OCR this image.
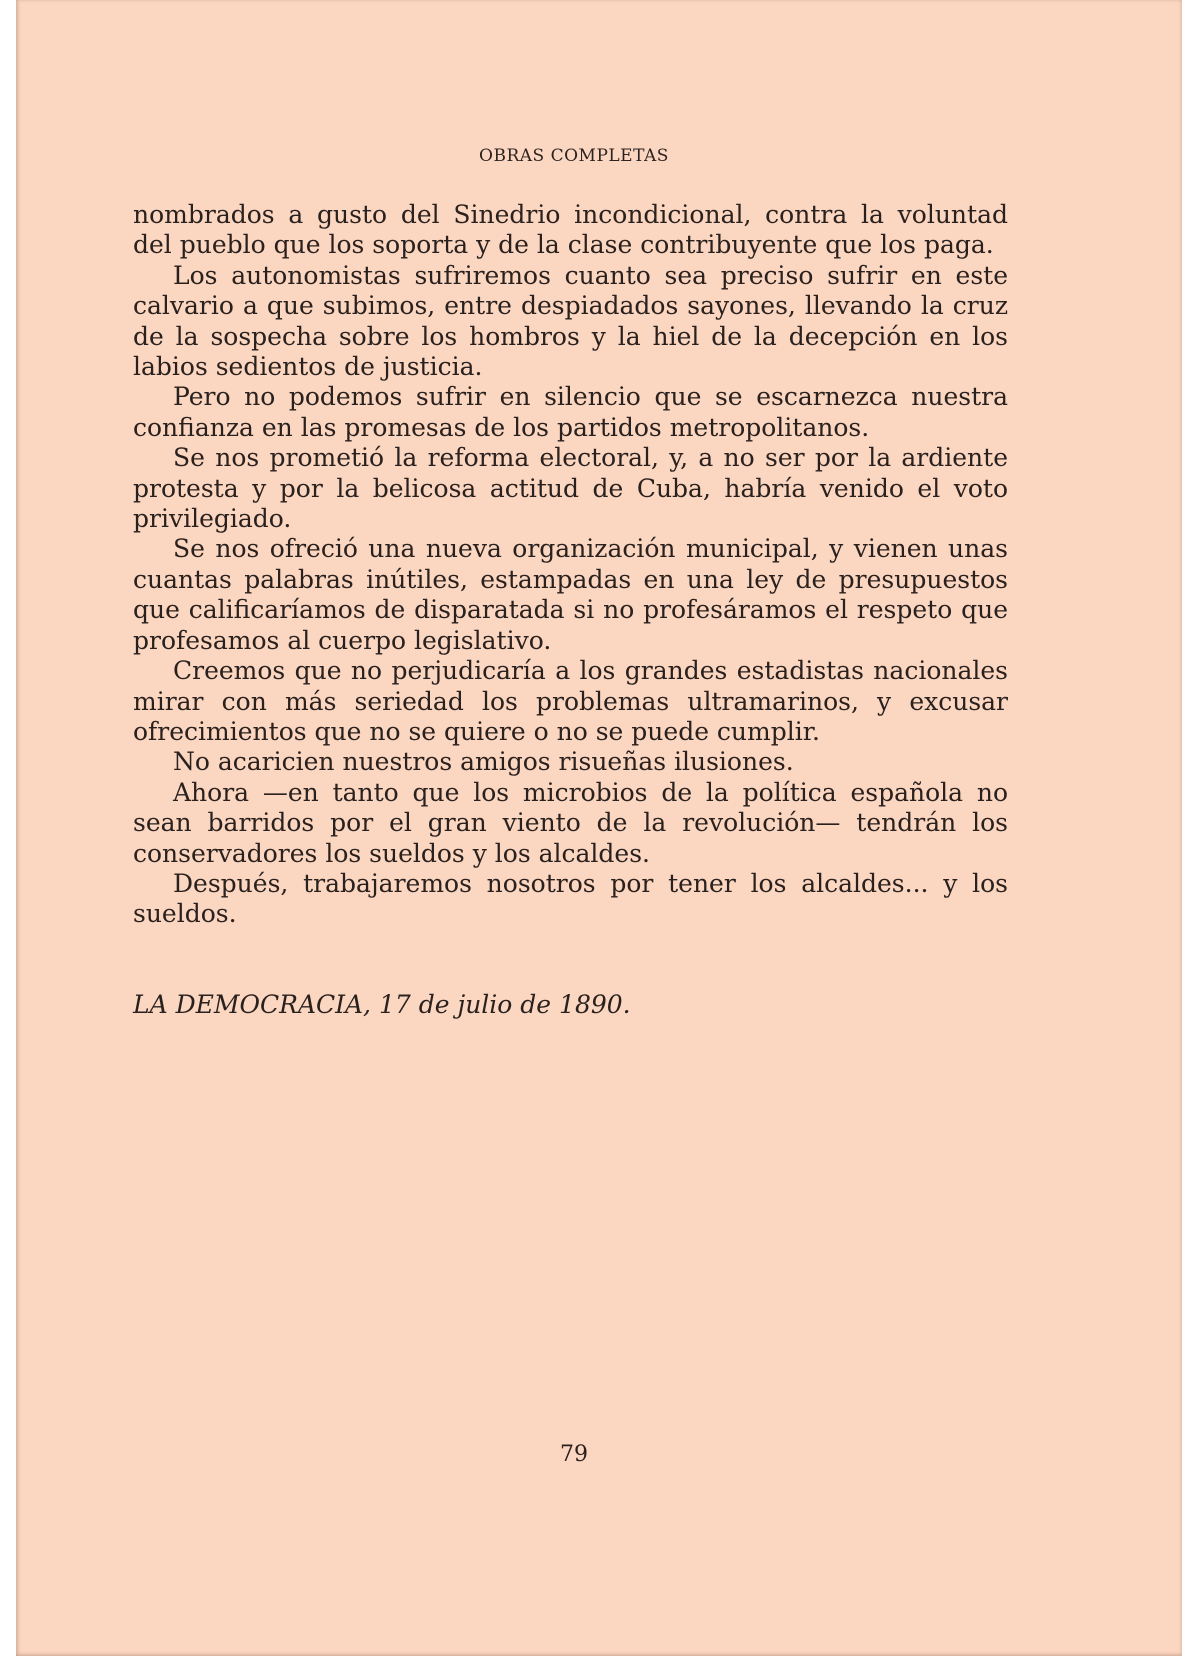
OBRAS COMPLETAS

nombrados a gusto del Sinedrio incondicional, contra la voluntad del pueblo que los soporta y de la clase contribuyente que los paga.

Los autonomistas sufriremos cuanto sea preciso sufrir en este calvario a que subimos, entre despiadados sayones, llevando la cruz de la sospecha sobre los hombros y la hiel de la decepción en los labios sedientos de justicia.

Pero no podemos sufrir en silencio que se escarnezca nuestra confianza en las promesas de los partidos metropolitanos.

Se nos prometió la reforma electoral, y, a no ser por la ardiente protesta y por la belicosa actitud de Cuba, habría venido el voto privilegiado.

Se nos ofreció una nueva organización municipal, y vienen unas cuantas palabras inútiles, estampadas en una ley de presupuestos que calificaríamos de disparatada si no profesáramos el respeto que profesamos al cuerpo legislativo.

Creemos que no perjudicaría a los grandes estadistas nacionales mirar con más seriedad los problemas ultramarinos, y excusar ofrecimientos que no se quiere o no se puede cumplir.

No acaricien nuestros amigos risueñas ilusiones.

Ahora —en tanto que los microbios de la política española no sean barridos por el gran viento de la revolución— tendrán los conservadores los sueldos y los alcaldes.

Después, trabajaremos nosotros por tener los alcaldes... y los sueldos.

LA DEMOCRACIA, 17 de julio de 1890.
79
